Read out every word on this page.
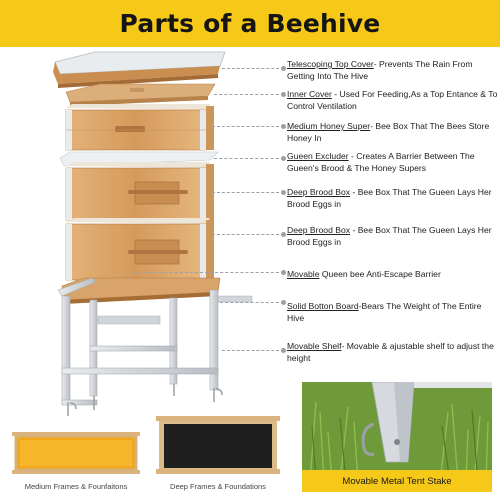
Parts of a Beehive
Telescoping Top Cover- Prevents The Rain From Getting Into The Hive
Inner Cover - Used For Feeding,As a Top Entance & To Control Ventilation
Medium Honey Super- Bee Box That The Bees Store Honey In
Gueen Excluder - Creates A Barrier Between The Gueen's Brood & The Honey Supers
Deep Brood Box - Bee Box That The Gueen Lays Her Brood Eggs in
Deep Brood Box - Bee Box That The Gueen Lays Her Brood Eggs in
Movable Queen bee Anti-Escape Barrier
Solid Botton Board-Bears The Weight of The Entire Hive
Movable Shelf- Movable & ajustable shelf to adjust the height
Medium Frames & Founfaitons	Deep Frames & Foundations	Movable Metal Tent Stake
